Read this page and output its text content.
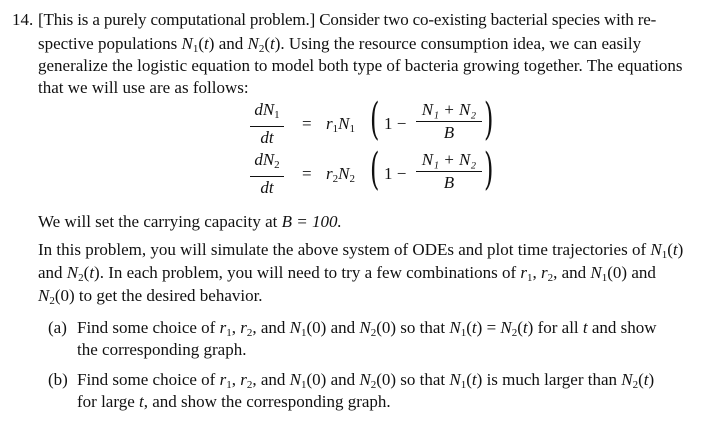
14. [This is a purely computational problem.] Consider two co-existing bacterial species with re-
spective populations $N_1(t)$ and $N_2(t)$. Using the resource consumption idea, we can easily
generalize the logistic equation to model both type of bacteria growing together. The equations
that we will use are as follows:
$dN_1$
dt
= $r_1N_1$ ( 1 −
N₁ + N₂
B )
$dN_2$
dt
= $r_2N_2$ ( 1 −
N₁ + N₂
B )
We will set the carrying capacity at B = 100.
In this problem, you will simulate the above system of ODEs and plot time trajectories of $N_1(t)$
and $N_2(t)$. In each problem, you will need to try a few combinations of $r_1$, $r_2$, and $N_1(0)$ and
$N_2(0)$ to get the desired behavior.
(a) Find some choice of $r_1$, $r_2$, and $N_1(0)$ and $N_2(0)$ so that $N_1(t) = N_2(t)$ for all t and show
the corresponding graph.
(b) Find some choice of $r_1$, $r_2$, and $N_1(0)$ and $N_2(0)$ so that $N_1(t)$ is much larger than $N_2(t)$
for large t, and show the corresponding graph.
